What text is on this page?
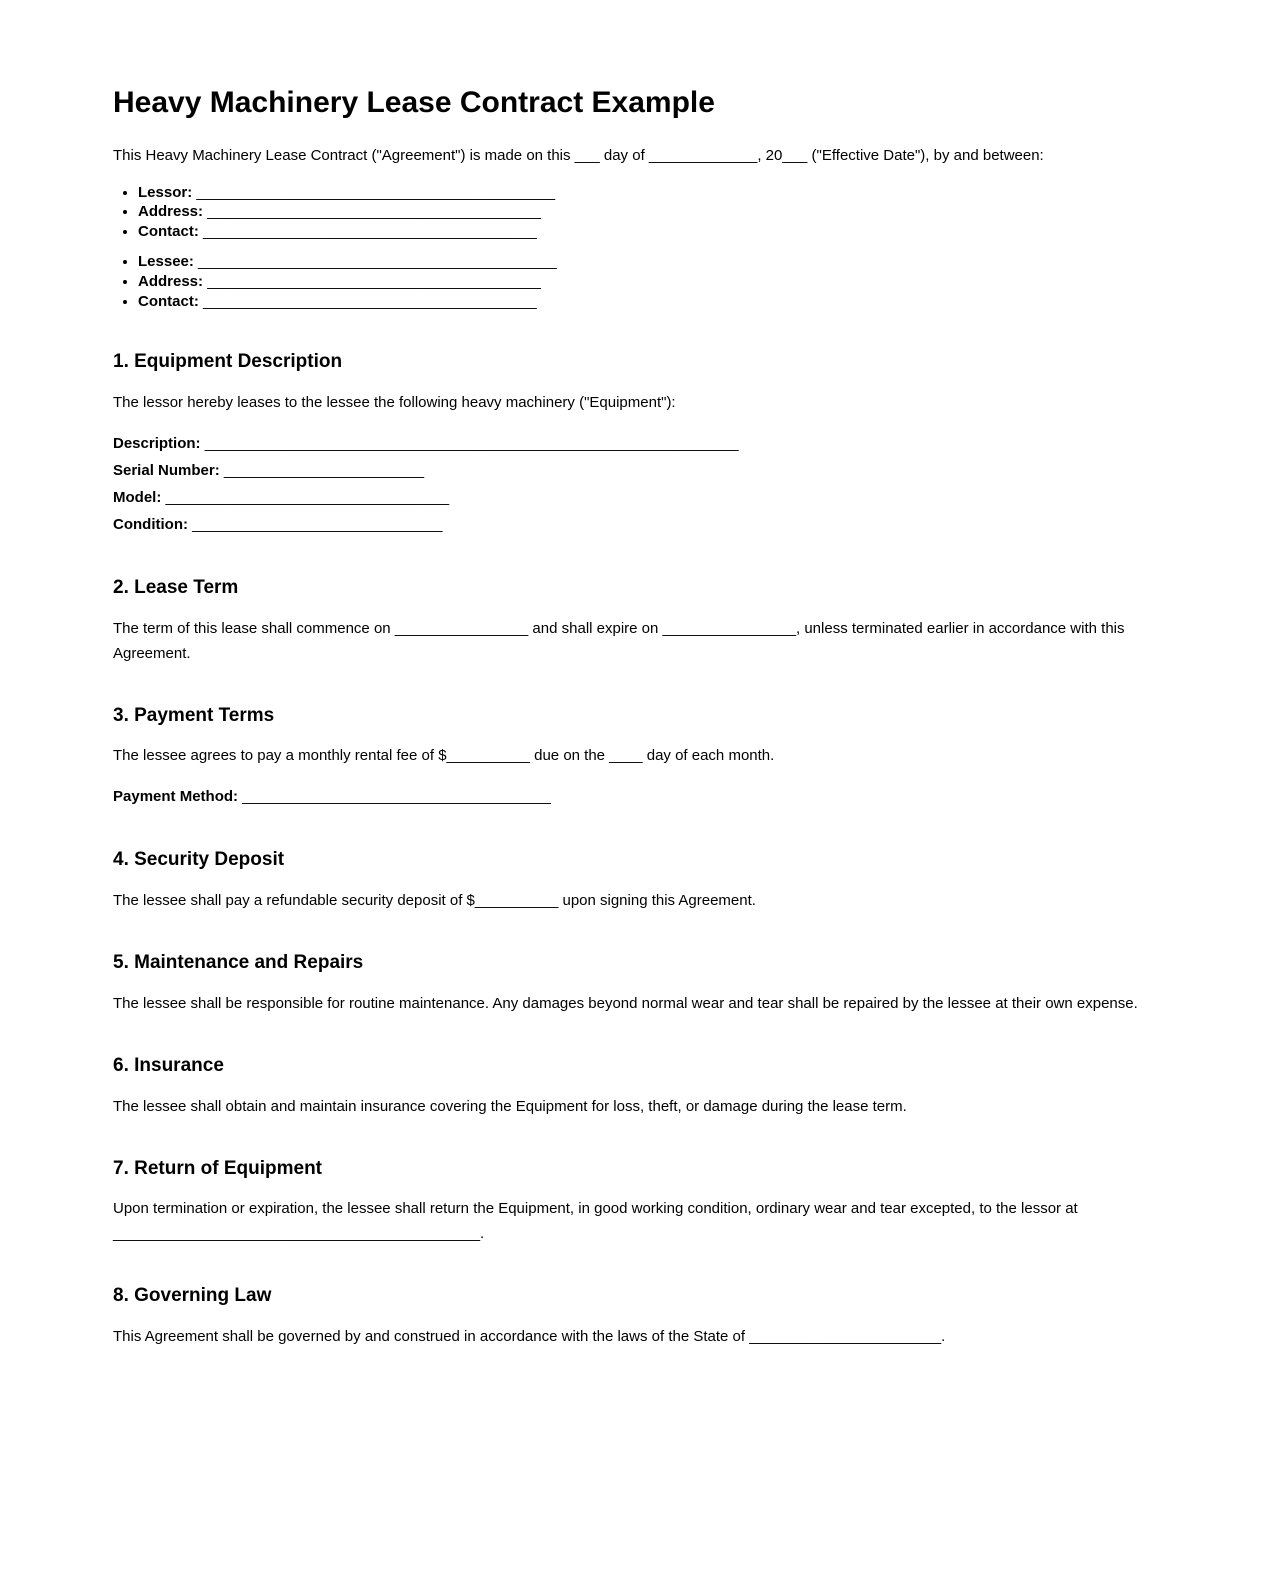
Heavy Machinery Lease Contract Example

This Heavy Machinery Lease Contract ("Agreement") is made on this ___ day of _____________, 20___ ("Effective Date"), by and between:

• Lessor: ___________________________________________
• Address: ________________________________________
• Contact: ________________________________________
• Lessee: ___________________________________________
• Address: ________________________________________
• Contact: ________________________________________
1. Equipment Description

The lessor hereby leases to the lessee the following heavy machinery ("Equipment"):

Description: ________________________________________________________________

Serial Number: ________________________

Model: __________________________________

Condition: ______________________________

2. Lease Term

The term of this lease shall commence on ________________ and shall expire on ________________, unless terminated earlier in accordance with this Agreement.

3. Payment Terms

The lessee agrees to pay a monthly rental fee of $__________ due on the ____ day of each month.

Payment Method: _____________________________________

4. Security Deposit

The lessee shall pay a refundable security deposit of $__________ upon signing this Agreement.

5. Maintenance and Repairs

The lessee shall be responsible for routine maintenance. Any damages beyond normal wear and tear shall be repaired by the lessee at their own expense.

6. Insurance

The lessee shall obtain and maintain insurance covering the Equipment for loss, theft, or damage during the lease term.

7. Return of Equipment

Upon termination or expiration, the lessee shall return the Equipment, in good working condition, ordinary wear and tear excepted, to the lessor at ____________________________________________.

8. Governing Law

This Agreement shall be governed by and construed in accordance with the laws of the State of _______________________.
